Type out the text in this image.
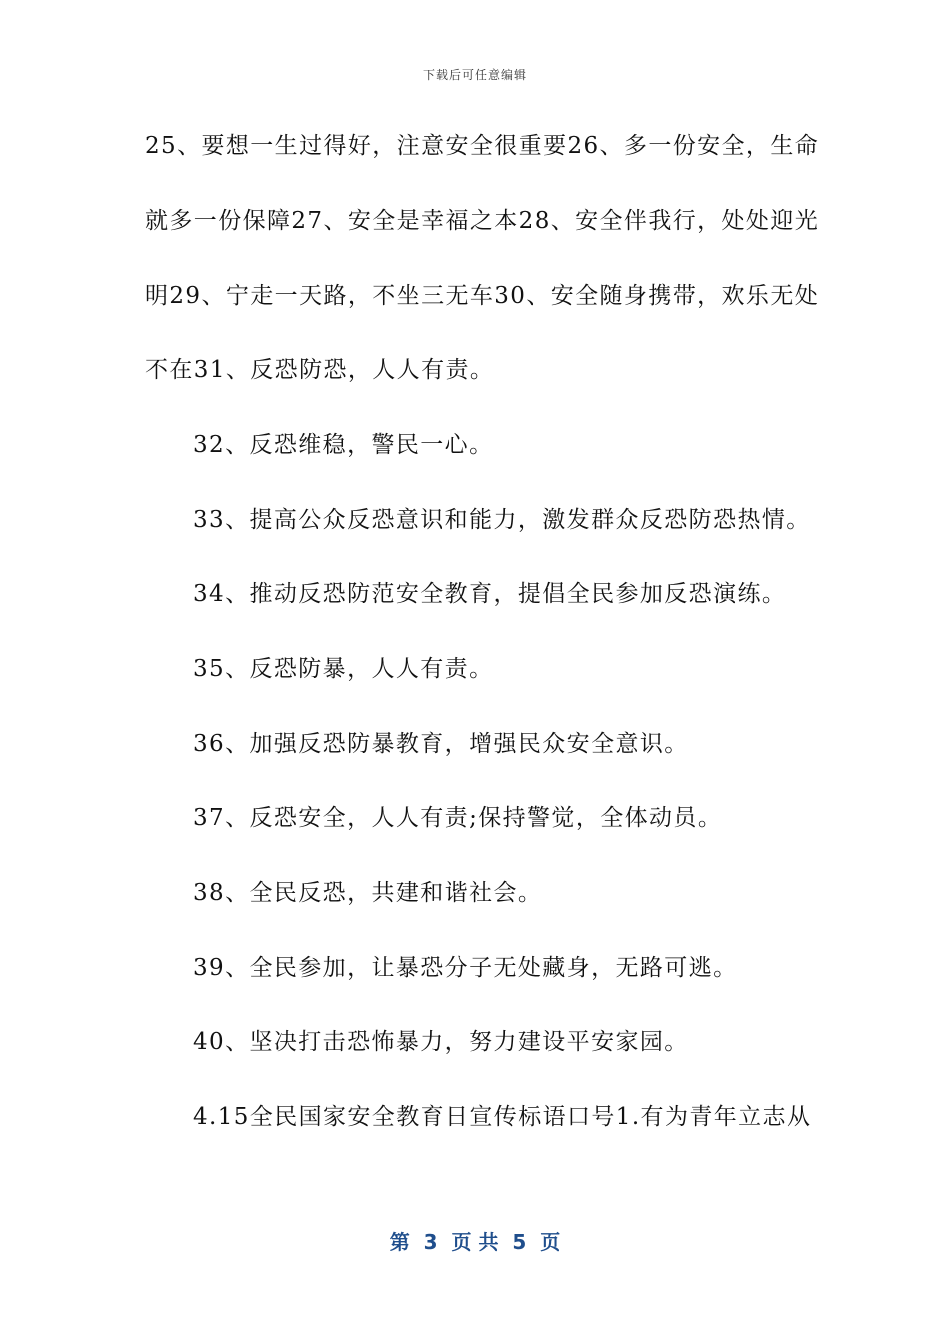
下载后可任意编辑
25、要想一生过得好，注意安全很重要26、多一份安全，生命
就多一份保障27、安全是幸福之本28、安全伴我行，处处迎光
明29、宁走一天路，不坐三无车30、安全随身携带，欢乐无处
不在31、反恐防恐，人人有责。
32、反恐维稳，警民一心。
33、提高公众反恐意识和能力，激发群众反恐防恐热情。
34、推动反恐防范安全教育，提倡全民参加反恐演练。
35、反恐防暴，人人有责。
36、加强反恐防暴教育，增强民众安全意识。
37、反恐安全，人人有责;保持警觉，全体动员。
38、全民反恐，共建和谐社会。
39、全民参加，让暴恐分子无处藏身，无路可逃。
40、坚决打击恐怖暴力，努力建设平安家园。
4.15全民国家安全教育日宣传标语口号1.有为青年立志从
第  3  页 共  5  页
